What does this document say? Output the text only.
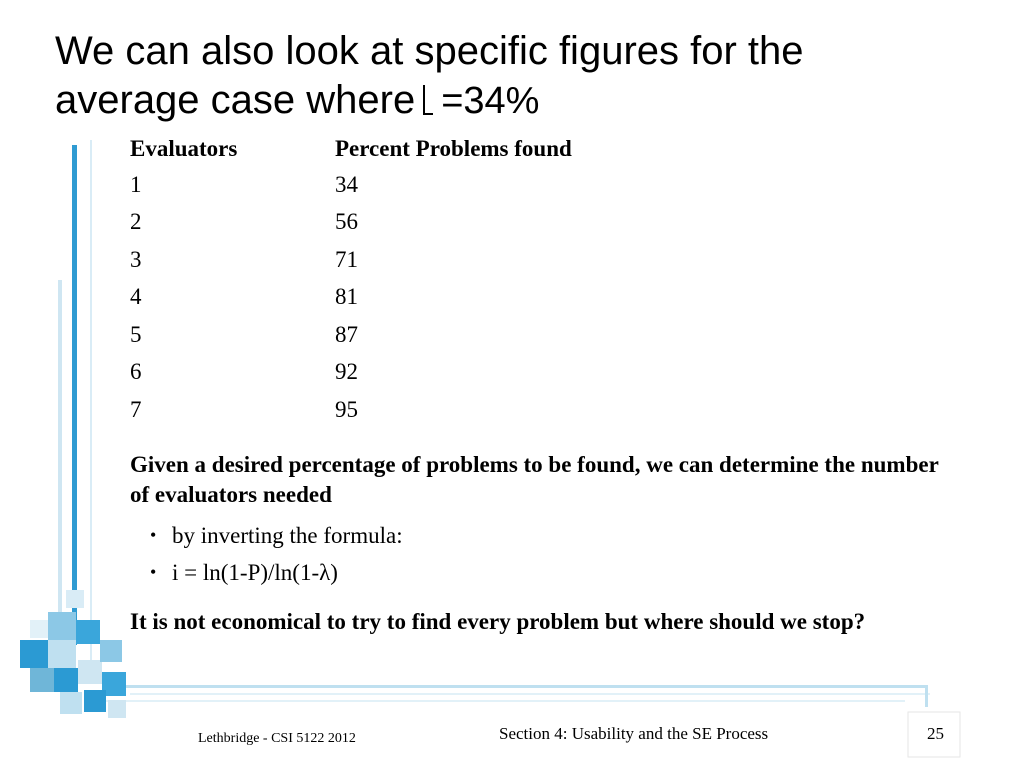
We can also look at specific figures for the
average case where =34%
Evaluators	Percent Problems found
1	34
2	56
3	71
4	81
5	87
6	92
7	95
Given a desired percentage of problems to be found, we can determine the number of evaluators needed
• by inverting the formula:
• i = ln(1-P)/ln(1-λ)
It is not economical to try to find every problem but where should we stop?
Lethbridge - CSI 5122 2012	Section 4: Usability and the SE Process	25
